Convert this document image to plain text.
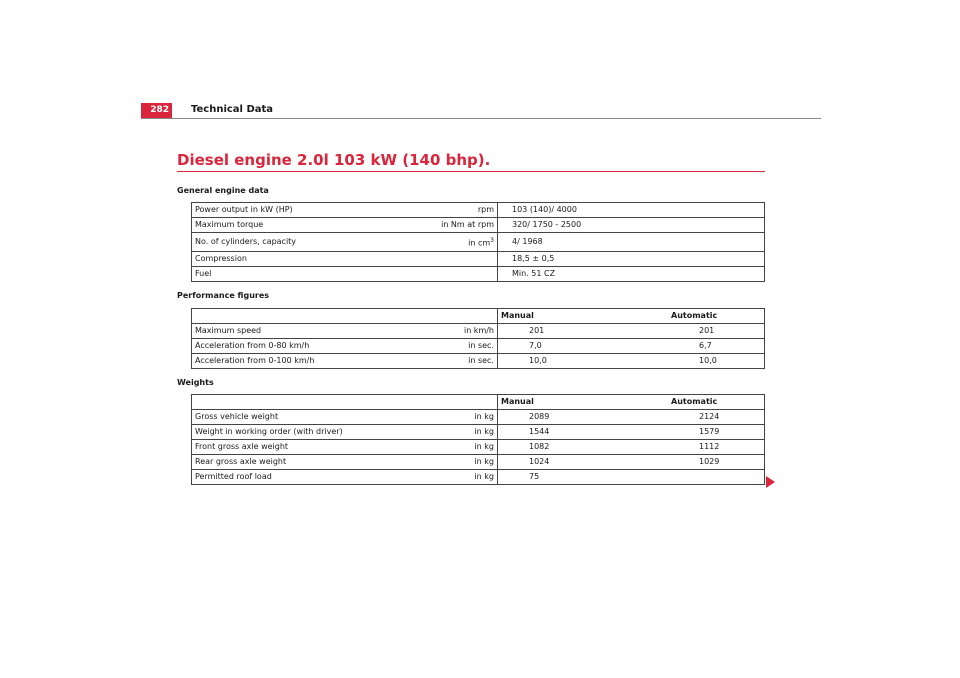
282	Technical Data
Diesel engine 2.0l 103 kW (140 bhp).
General engine data
Power output in kW (HP)	rpm	103 (140)/ 4000
Maximum torque	in Nm at rpm	320/ 1750 - 2500
No. of cylinders, capacity	in $cm^3$	4/ 1968
Compression		18,5 ± 0,5
Fuel		Min. 51 CZ
Performance figures
		Manual	Automatic
Maximum speed	in km/h	201	201
Acceleration from 0-80 km/h	in sec.	7,0	6,7
Acceleration from 0-100 km/h	in sec.	10,0	10,0
Weights
		Manual	Automatic
Gross vehicle weight	in kg	2089	2124
Weight in working order (with driver)	in kg	1544	1579
Front gross axle weight	in kg	1082	1112
Rear gross axle weight	in kg	1024	1029
Permitted roof load	in kg	75	
